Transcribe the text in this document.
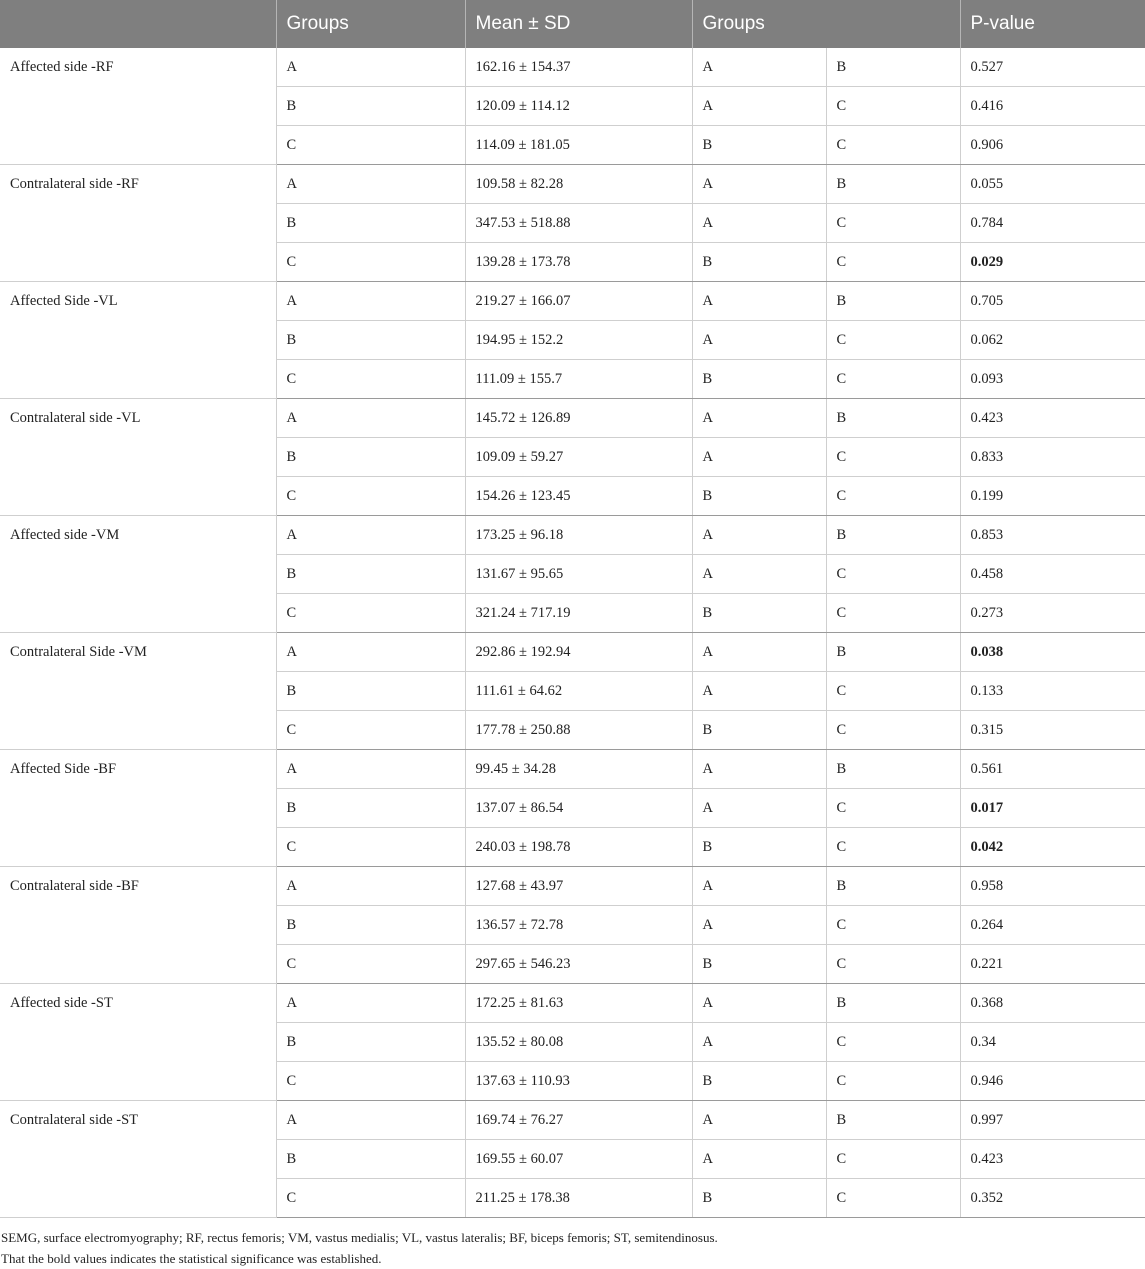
	Groups	Mean ± SD	Groups		P-value
Affected side -RF	A	162.16 ± 154.37	A	B	0.527
	B	120.09 ± 114.12	A	C	0.416
	C	114.09 ± 181.05	B	C	0.906
Contralateral side -RF	A	109.58 ± 82.28	A	B	0.055
	B	347.53 ± 518.88	A	C	0.784
	C	139.28 ± 173.78	B	C	0.029
Affected Side -VL	A	219.27 ± 166.07	A	B	0.705
	B	194.95 ± 152.2	A	C	0.062
	C	111.09 ± 155.7	B	C	0.093
Contralateral side -VL	A	145.72 ± 126.89	A	B	0.423
	B	109.09 ± 59.27	A	C	0.833
	C	154.26 ± 123.45	B	C	0.199
Affected side -VM	A	173.25 ± 96.18	A	B	0.853
	B	131.67 ± 95.65	A	C	0.458
	C	321.24 ± 717.19	B	C	0.273
Contralateral Side -VM	A	292.86 ± 192.94	A	B	0.038
	B	111.61 ± 64.62	A	C	0.133
	C	177.78 ± 250.88	B	C	0.315
Affected Side -BF	A	99.45 ± 34.28	A	B	0.561
	B	137.07 ± 86.54	A	C	0.017
	C	240.03 ± 198.78	B	C	0.042
Contralateral side -BF	A	127.68 ± 43.97	A	B	0.958
	B	136.57 ± 72.78	A	C	0.264
	C	297.65 ± 546.23	B	C	0.221
Affected side -ST	A	172.25 ± 81.63	A	B	0.368
	B	135.52 ± 80.08	A	C	0.34
	C	137.63 ± 110.93	B	C	0.946
Contralateral side -ST	A	169.74 ± 76.27	A	B	0.997
	B	169.55 ± 60.07	A	C	0.423
	C	211.25 ± 178.38	B	C	0.352

SEMG, surface electromyography; RF, rectus femoris; VM, vastus medialis; VL, vastus lateralis; BF, biceps femoris; ST, semitendinosus.

That the bold values indicates the statistical significance was established.
